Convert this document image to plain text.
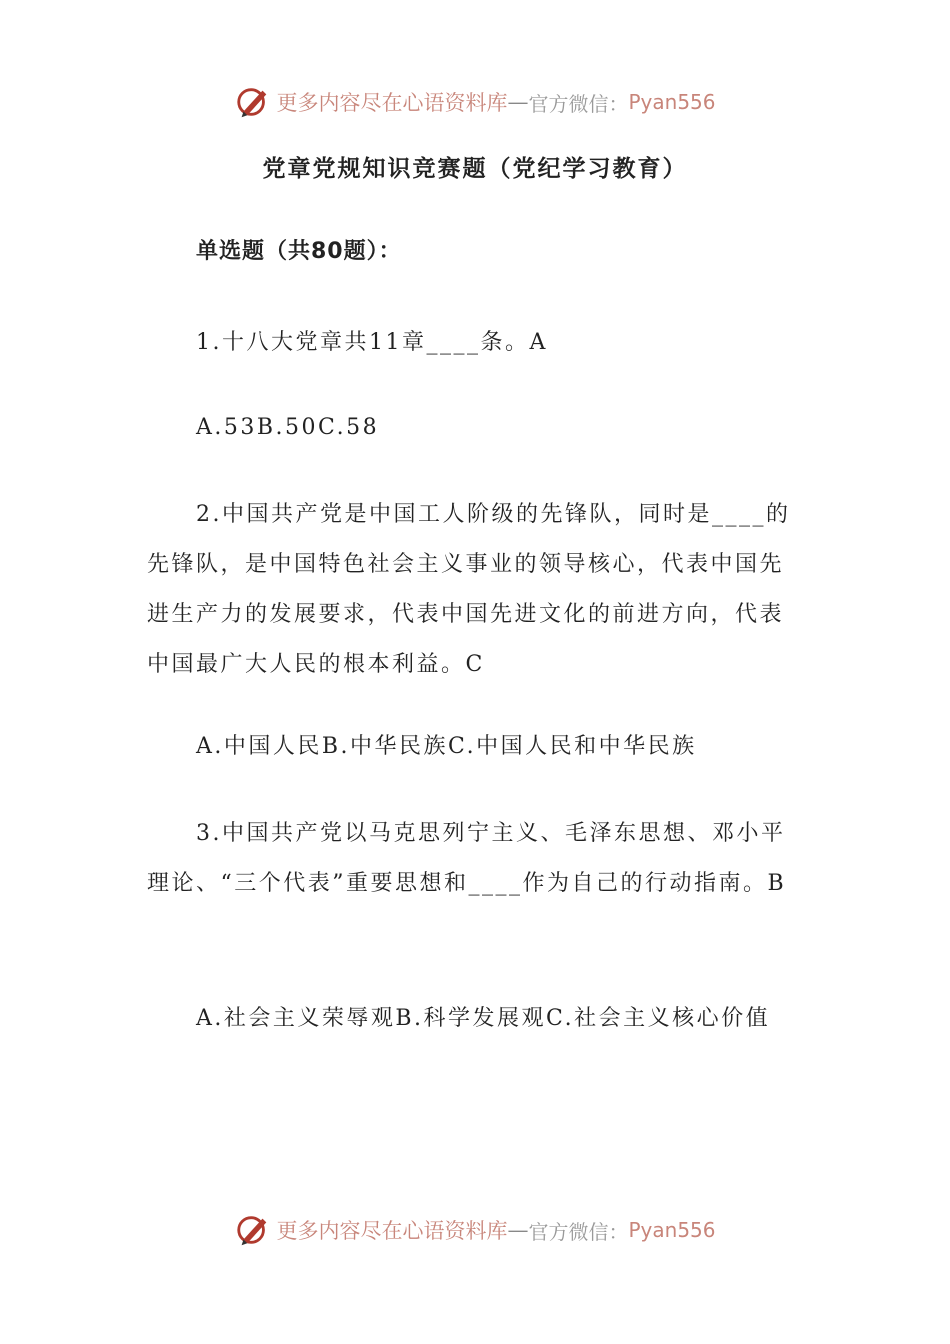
更多内容尽在心语资料库 — 官方微信： Pyan556
党章党规知识竞赛题（党纪学习教育）
单选题（共80题）：

1.十八大党章共11章____条。A

A.53B.50C.58

2.中国共产党是中国工人阶级的先锋队，同时是____的先锋队，是中国特色社会主义事业的领导核心，代表中国先进生产力的发展要求，代表中国先进文化的前进方向，代表中国最广大人民的根本利益。C

A.中国人民B.中华民族C.中国人民和中华民族

3.中国共产党以马克思列宁主义、毛泽东思想、邓小平理论、“三个代表”重要思想和____作为自己的行动指南。B

A.社会主义荣辱观B.科学发展观C.社会主义核心价值

更多内容尽在心语资料库 — 官方微信： Pyan556
